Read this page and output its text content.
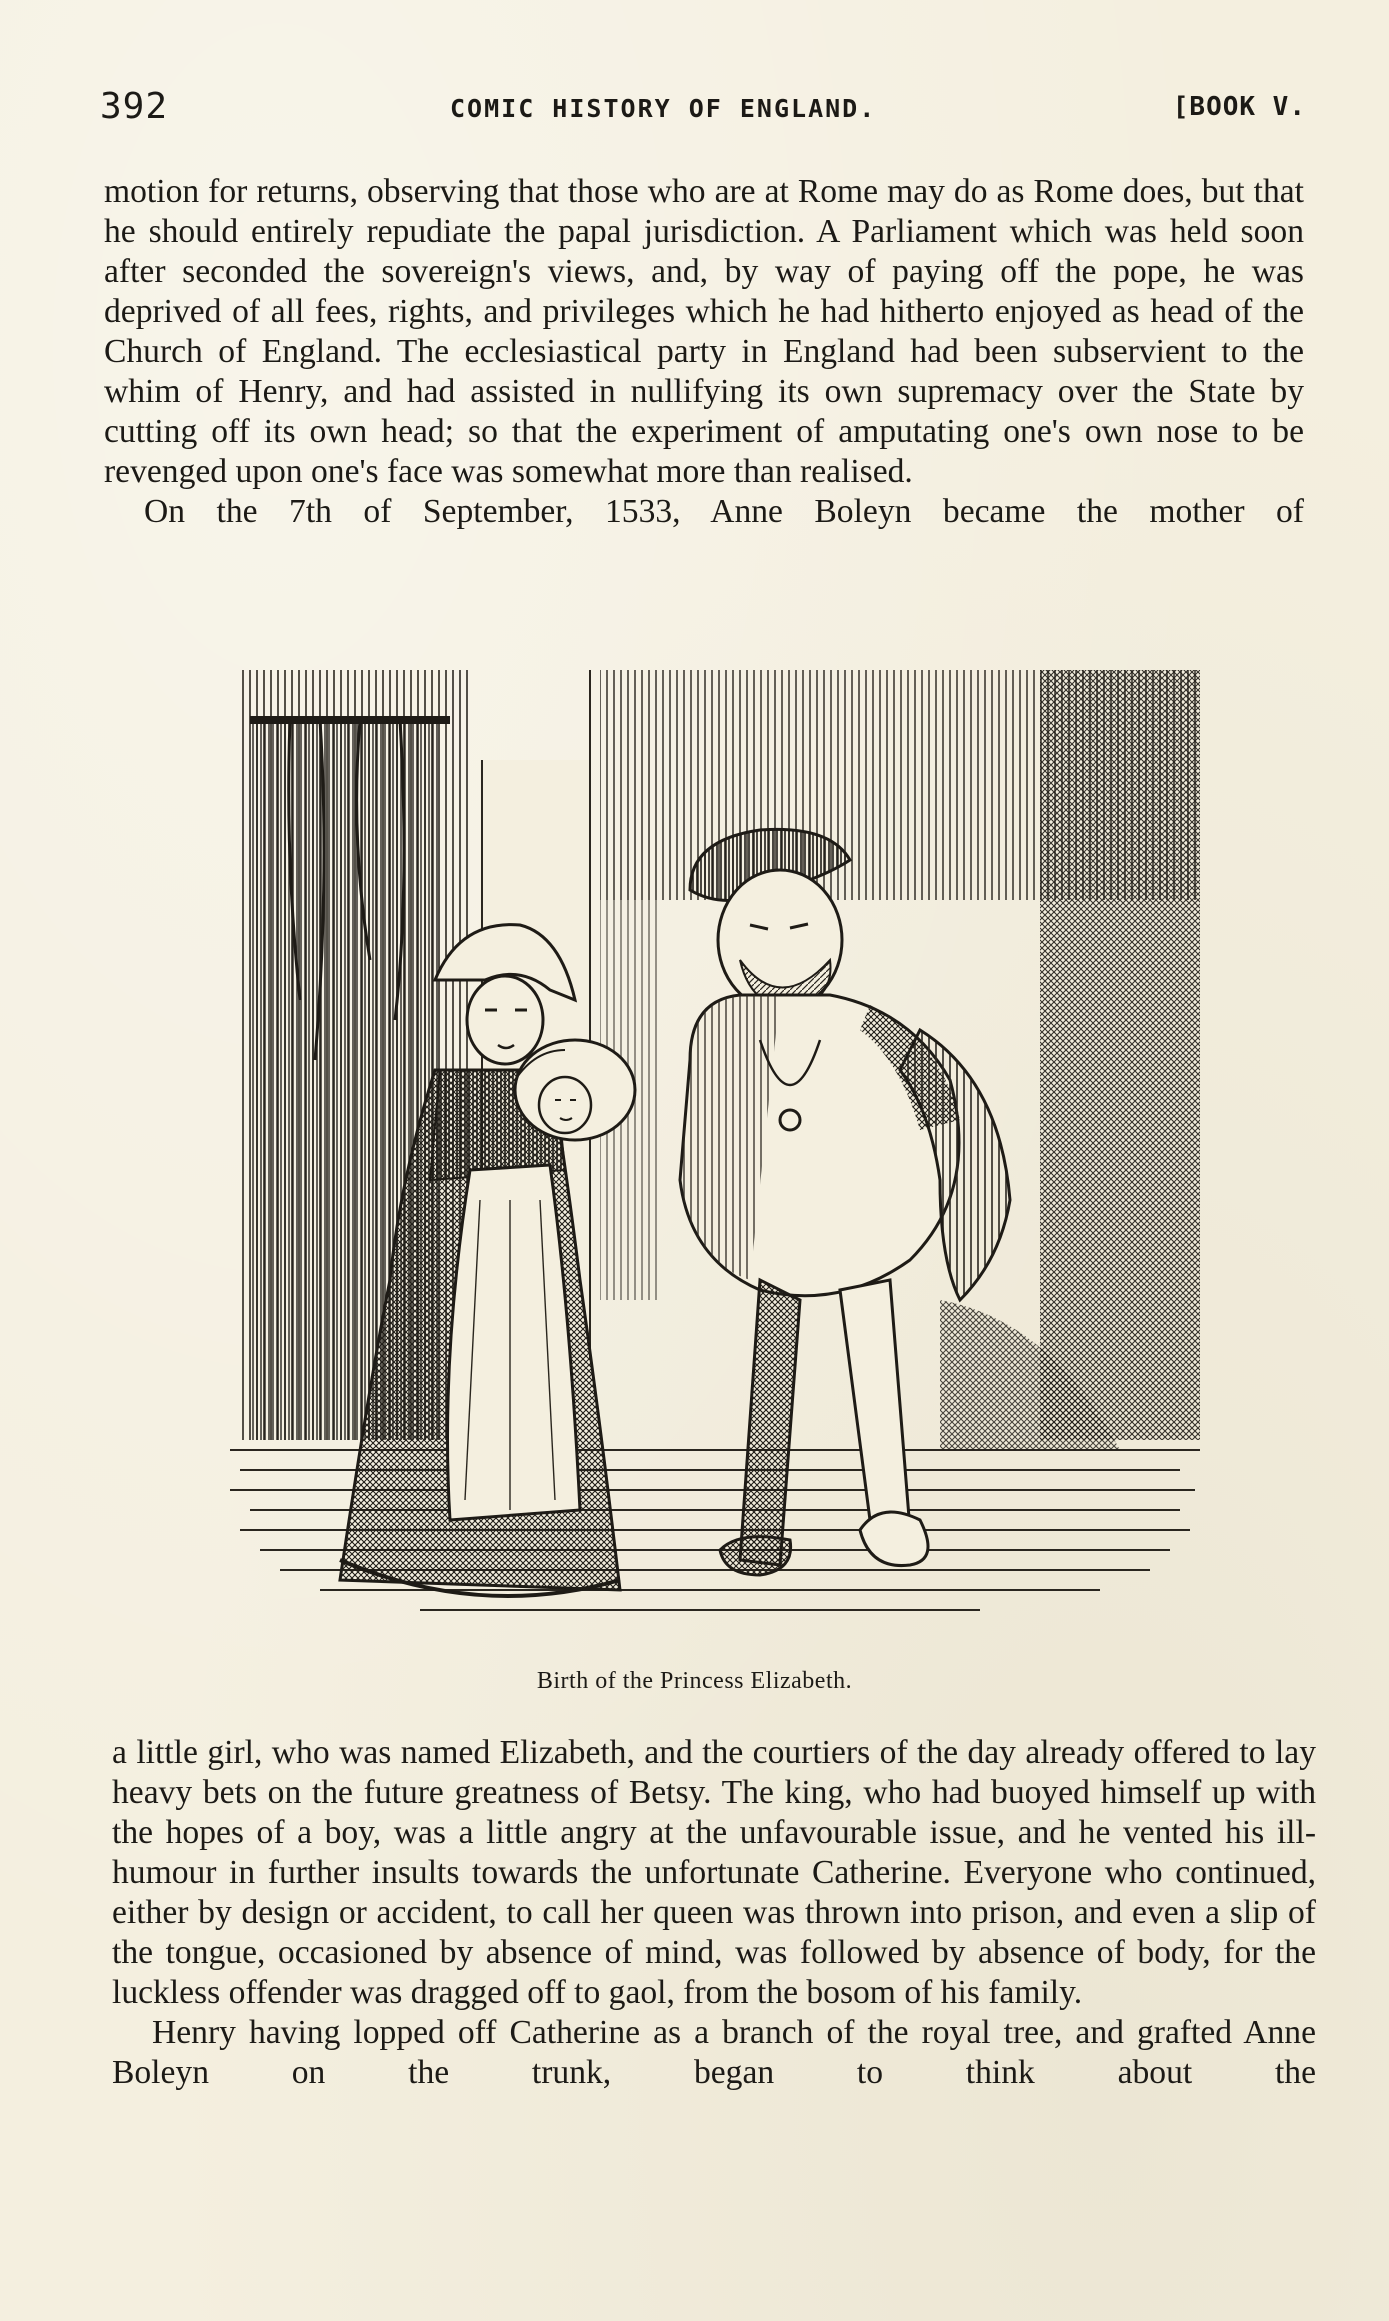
392	COMIC HISTORY OF ENGLAND.	[BOOK V.

motion for returns, observing that those who are at Rome may do as Rome does, but that he should entirely repudiate the papal jurisdiction. A Parliament which was held soon after seconded the sovereign's views, and, by way of paying off the pope, he was deprived of all fees, rights, and privileges which he had hitherto enjoyed as head of the Church of England. The ecclesiastical party in England had been subservient to the whim of Henry, and had assisted in nullifying its own supremacy over the State by cutting off its own head; so that the experiment of amputating one's own nose to be revenged upon one's face was somewhat more than realised.

On the 7th of September, 1533, Anne Boleyn became the mother of

Birth of the Princess Elizabeth.

a little girl, who was named Elizabeth, and the courtiers of the day already offered to lay heavy bets on the future greatness of Betsy. The king, who had buoyed himself up with the hopes of a boy, was a little angry at the unfavourable issue, and he vented his ill-humour in further insults towards the unfortunate Catherine. Everyone who continued, either by design or accident, to call her queen was thrown into prison, and even a slip of the tongue, occasioned by absence of mind, was followed by absence of body, for the luckless offender was dragged off to gaol, from the bosom of his family.

Henry having lopped off Catherine as a branch of the royal tree, and grafted Anne Boleyn on the trunk, began to think about the
